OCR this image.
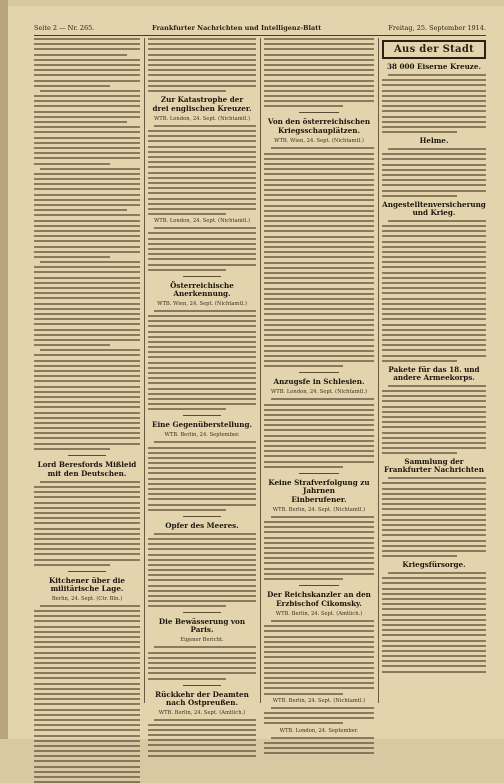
Seite 2 — Nr. 265.	Frankfurter Nachrichten und Intelligenz-Blatt	Freitag, 25. September 1914.
Lord Beresfords Mißleid
mit den Deutschen.
Kitchener über die militärische Lage.
Berlin, 24. Sept. (Ctr. Bln.)
Zur Katastrophe der
drei englischen Kreuzer.
WTB. London, 24. Sept. (Nichtamtl.)
WTB. London, 24. Sept. (Nichtamtl.)
Österreichische Anerkennung.
WTB. Wien, 24. Sept. (Nichtamtl.)
Eine Gegenüberstellung.
WTB. Berlin, 24. September.
Opfer des Meeres.
Die Bewässerung von Paris.
Eigener Bericht.
Rückkehr der Deamten nach Ostpreußen.
WTB. Berlin, 24. Sept. (Amtlich.)
Von den österreichischen
Kriegsschauplätzen.
WTB. Wien, 24. Sept. (Nichtamtl.)
Anzugsfe in Schlesien.
WTB. London, 24. Sept. (Nichtamtl.)
Keine Strafverfolgung zu Jahrnen
Einberufener.
WTB. Berlin, 24. Sept. (Nichtamtl.)
Der Reichskanzler an den
Erzbischof Cikomsky.
WTB. Berlin, 24. Sept. (Amtlich.)
WTB. Berlin, 24. Sept. (Nichtamtl.)
WTB. London, 24. September.
Aus der Stadt
38 000 Eiserne Kreuze.
Helme.
Angestelltenversicherung und Krieg.
Pakete für das 18. und andere Armeekorps.
Sammlung der Frankfurter Nachrichten
Kriegsfürsorge.
